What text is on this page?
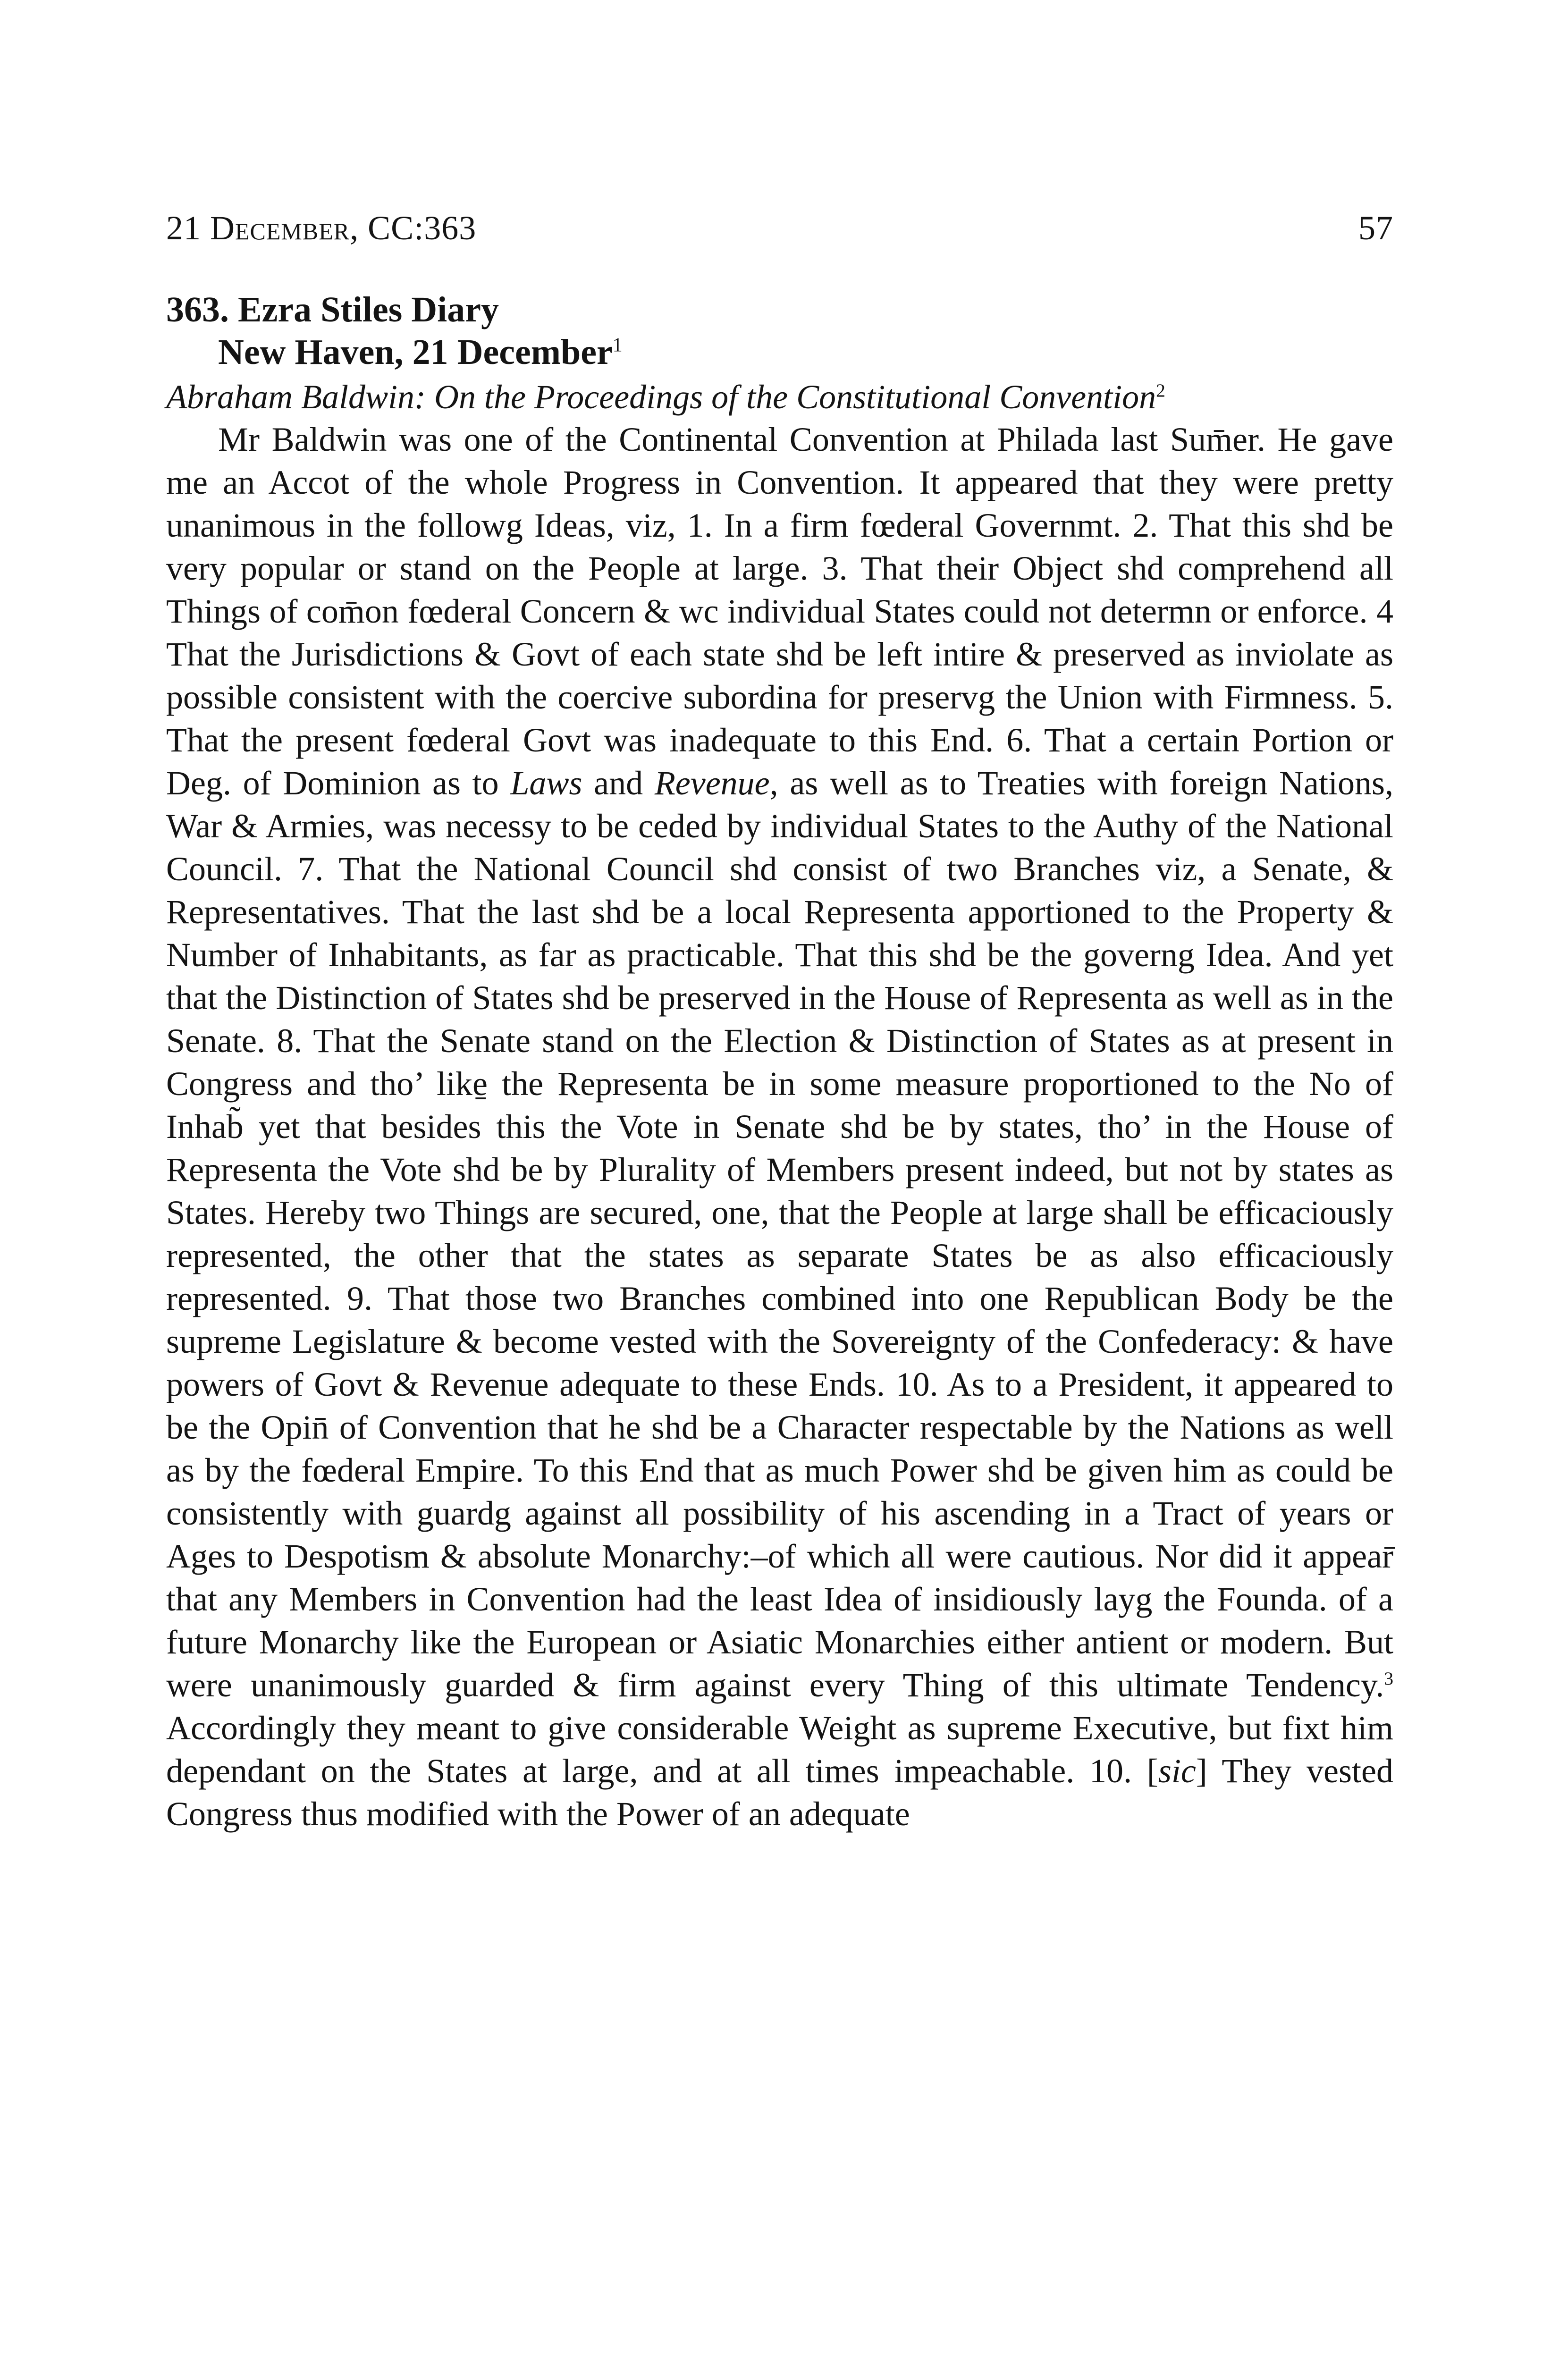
21 December, CC:363	57
363. Ezra Stiles Diary
New Haven, 21 December$^1$
Abraham Baldwin: On the Proceedings of the Constitutional Convention$^2$

Mr Baldwin was one of the Continental Convention at Philada last Sum̄er. He gave me an Accot of the whole Progress in Convention. It appeared that they were pretty unanimous in the followg Ideas, viz, 1. In a firm fœderal Governmt. 2. That this shd be very popular or stand on the People at large. 3. That their Object shd comprehend all Things of com̄on fœderal Concern & wc individual States could not determn or enforce. 4 That the Jurisdictions & Govt of each state shd be left intire & preserved as inviolate as possible consistent with the coercive subordina for preservg the Union with Firmness. 5. That the present fœderal Govt was inadequate to this End. 6. That a certain Portion or Deg. of Dominion as to Laws and Revenue, as well as to Treaties with foreign Nations, War & Armies, was necessy to be ceded by individual States to the Authy of the National Council. 7. That the National Council shd consist of two Branches viz, a Senate, & Representatives. That the last shd be a local Representa apportioned to the Property & Number of Inhabitants, as far as practicable. That this shd be the governg Idea. And yet that the Distinction of States shd be preserved in the House of Representa as well as in the Senate. 8. That the Senate stand on the Election & Distinction of States as at present in Congress and tho’ like̱ the Representa be in some measure proportioned to the No of Inhab̃ yet that besides this the Vote in Senate shd be by states, tho’ in the House of Representa the Vote shd be by Plurality of Members present indeed, but not by states as States. Hereby two Things are secured, one, that the People at large shall be efficaciously represented, the other that the states as separate States be as also efficaciously represented. 9. That those two Branches combined into one Republican Body be the supreme Legislature & become vested with the Sovereignty of the Confederacy: & have powers of Govt & Revenue adequate to these Ends. 10. As to a President, it appeared to be the Opin̄ of Convention that he shd be a Character respectable by the Nations as well as by the fœderal Empire. To this End that as much Power shd be given him as could be consistently with guardg against all possibility of his ascending in a Tract of years or Ages to Despotism & absolute Monarchy:–of which all were cautious. Nor did it appear̄ that any Members in Convention had the least Idea of insidiously layg the Founda. of a future Monarchy like the European or Asiatic Monarchies either antient or modern. But were unanimously guarded & firm against every Thing of this ultimate Tendency.$^3$ Accordingly they meant to give considerable Weight as supreme Executive, but fixt him dependant on the States at large, and at all times impeachable. 10. [sic] They vested Congress thus modified with the Power of an adequate
